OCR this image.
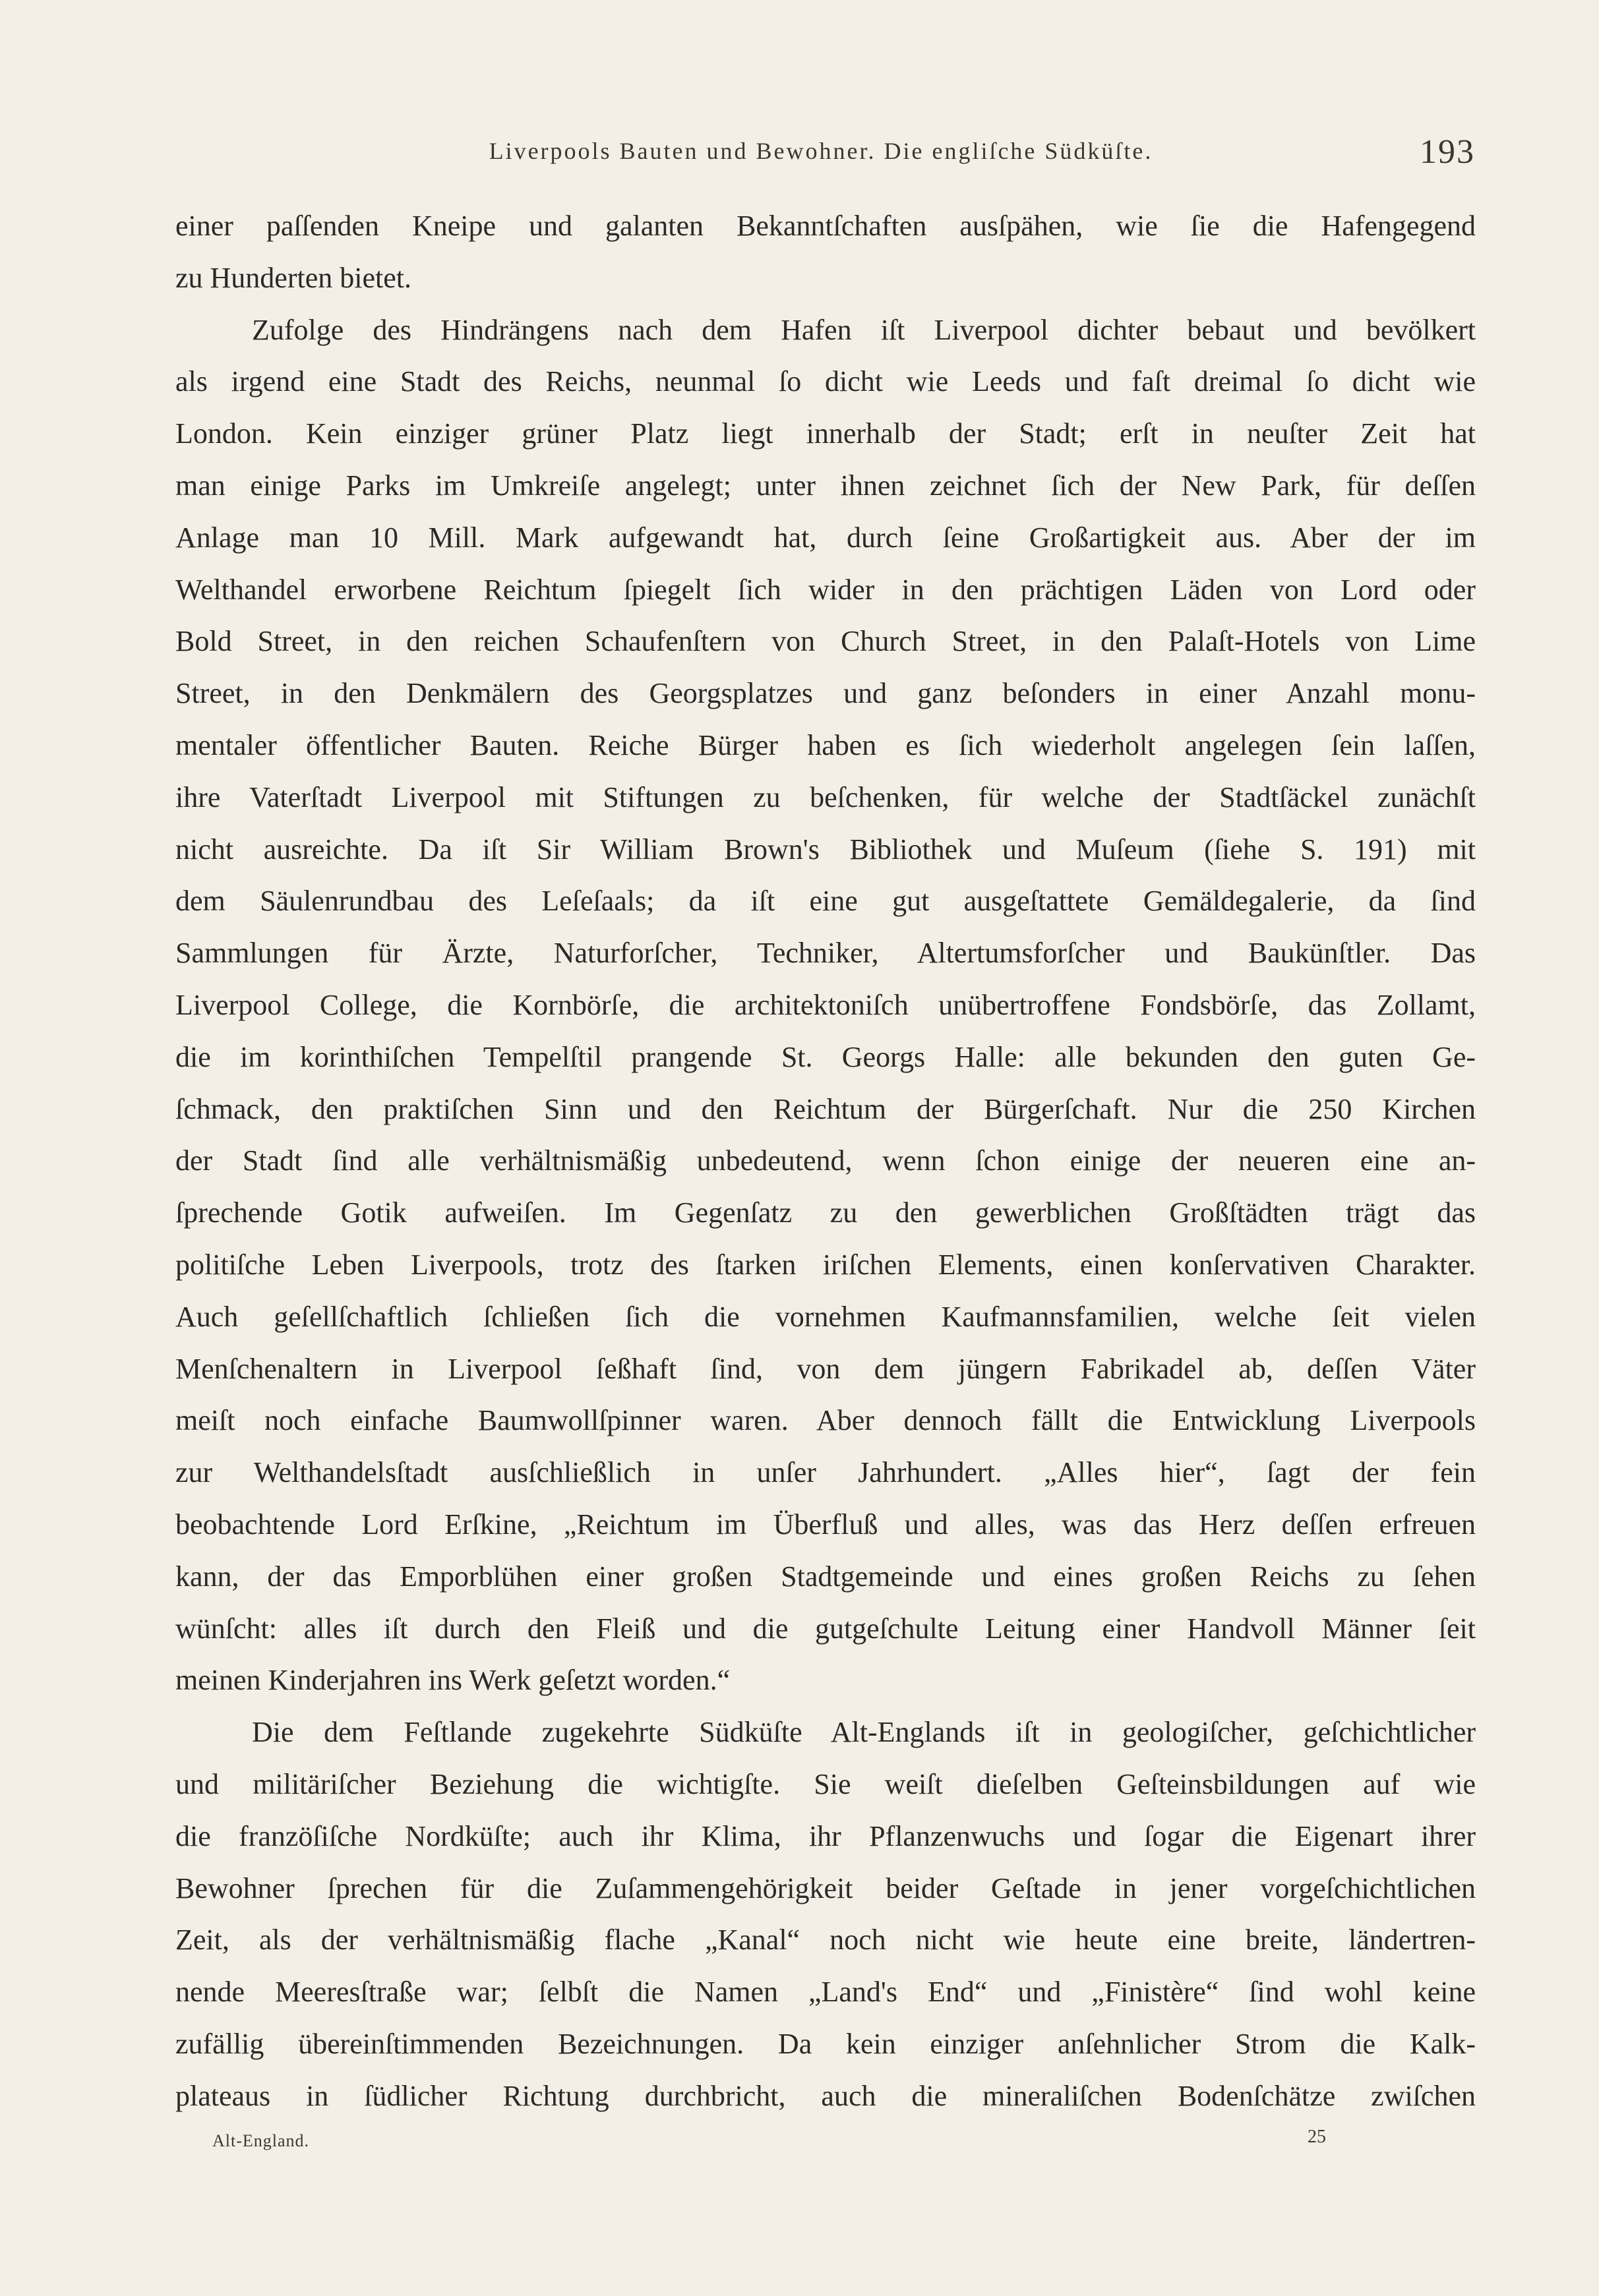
Liverpools Bauten und Bewohner. Die engliſche Südküſte.	193
einer paſſenden Kneipe und galanten Bekanntſchaften ausſpähen, wie ſie die Hafengegend
zu Hunderten bietet.
Zufolge des Hindrängens nach dem Hafen iſt Liverpool dichter bebaut und bevölkert
als irgend eine Stadt des Reichs, neunmal ſo dicht wie Leeds und faſt dreimal ſo dicht wie
London. Kein einziger grüner Platz liegt innerhalb der Stadt; erſt in neuſter Zeit hat
man einige Parks im Umkreiſe angelegt; unter ihnen zeichnet ſich der New Park, für deſſen
Anlage man 10 Mill. Mark aufgewandt hat, durch ſeine Großartigkeit aus. Aber der im
Welthandel erworbene Reichtum ſpiegelt ſich wider in den prächtigen Läden von Lord oder
Bold Street, in den reichen Schaufenſtern von Church Street, in den Palaſt-Hotels von Lime
Street, in den Denkmälern des Georgsplatzes und ganz beſonders in einer Anzahl monu-
mentaler öffentlicher Bauten. Reiche Bürger haben es ſich wiederholt angelegen ſein laſſen,
ihre Vaterſtadt Liverpool mit Stiftungen zu beſchenken, für welche der Stadtſäckel zunächſt
nicht ausreichte. Da iſt Sir William Brown's Bibliothek und Muſeum (ſiehe S. 191) mit
dem Säulenrundbau des Leſeſaals; da iſt eine gut ausgeſtattete Gemäldegalerie, da ſind
Sammlungen für Ärzte, Naturforſcher, Techniker, Altertumsforſcher und Baukünſtler. Das
Liverpool College, die Kornbörſe, die architektoniſch unübertroffene Fondsbörſe, das Zollamt,
die im korinthiſchen Tempelſtil prangende St. Georgs Halle: alle bekunden den guten Ge-
ſchmack, den praktiſchen Sinn und den Reichtum der Bürgerſchaft. Nur die 250 Kirchen
der Stadt ſind alle verhältnismäßig unbedeutend, wenn ſchon einige der neueren eine an-
ſprechende Gotik aufweiſen. Im Gegenſatz zu den gewerblichen Großſtädten trägt das
politiſche Leben Liverpools, trotz des ſtarken iriſchen Elements, einen konſervativen Charakter.
Auch geſellſchaftlich ſchließen ſich die vornehmen Kaufmannsfamilien, welche ſeit vielen
Menſchenaltern in Liverpool ſeßhaft ſind, von dem jüngern Fabrikadel ab, deſſen Väter
meiſt noch einfache Baumwollſpinner waren. Aber dennoch fällt die Entwicklung Liverpools
zur Welthandelsſtadt ausſchließlich in unſer Jahrhundert. „Alles hier“, ſagt der fein
beobachtende Lord Erſkine, „Reichtum im Überfluß und alles, was das Herz deſſen erfreuen
kann, der das Emporblühen einer großen Stadtgemeinde und eines großen Reichs zu ſehen
wünſcht: alles iſt durch den Fleiß und die gutgeſchulte Leitung einer Handvoll Männer ſeit
meinen Kinderjahren ins Werk geſetzt worden.“
Die dem Feſtlande zugekehrte Südküſte Alt-Englands iſt in geologiſcher, geſchichtlicher
und militäriſcher Beziehung die wichtigſte. Sie weiſt dieſelben Geſteinsbildungen auf wie
die franzöſiſche Nordküſte; auch ihr Klima, ihr Pflanzenwuchs und ſogar die Eigenart ihrer
Bewohner ſprechen für die Zuſammengehörigkeit beider Geſtade in jener vorgeſchichtlichen
Zeit, als der verhältnismäßig flache „Kanal“ noch nicht wie heute eine breite, ländertren-
nende Meeresſtraße war; ſelbſt die Namen „Land's End“ und „Finistère“ ſind wohl keine
zufällig übereinſtimmenden Bezeichnungen. Da kein einziger anſehnlicher Strom die Kalk-
plateaus in ſüdlicher Richtung durchbricht, auch die mineraliſchen Bodenſchätze zwiſchen
Alt-England.	25
